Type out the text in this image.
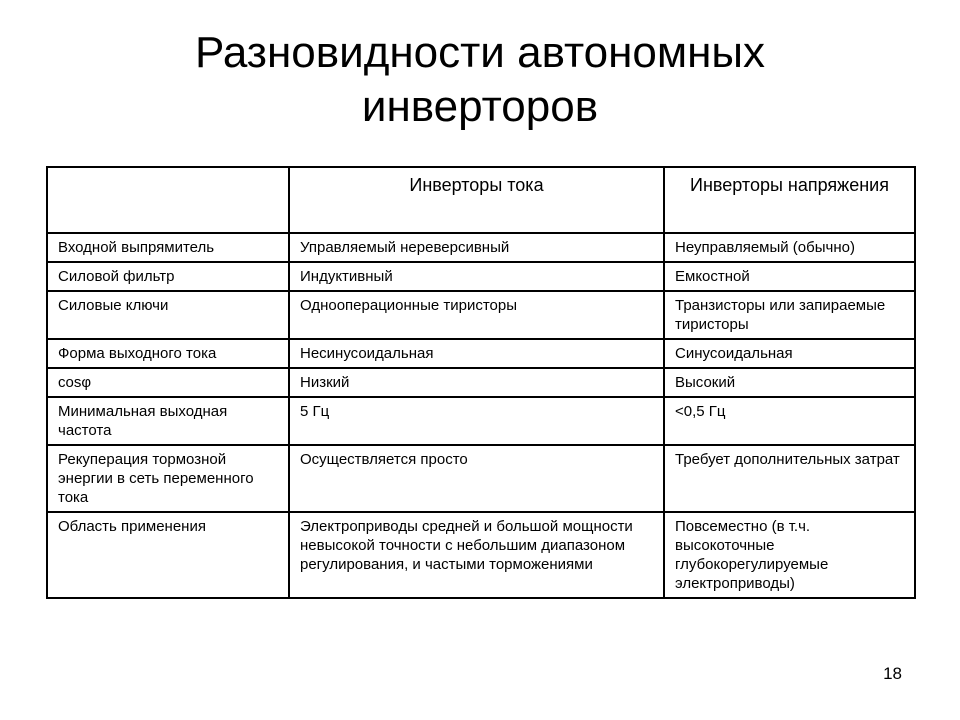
Разновидности автономных
инверторов
	Инверторы тока	Инверторы напряжения
Входной выпрямитель	Управляемый нереверсивный	Неуправляемый (обычно)
Силовой фильтр	Индуктивный	Емкостной
Силовые ключи	Однооперационные тиристоры	Транзисторы или запираемые тиристоры
Форма выходного тока	Несинусоидальная	Синусоидальная
cosφ	Низкий	Высокий
Минимальная выходная частота	5 Гц	<0,5 Гц
Рекуперация тормозной энергии в сеть переменного тока	Осуществляется просто	Требует дополнительных затрат
Область применения	Электроприводы средней и большой мощности невысокой точности с небольшим диапазоном регулирования, и частыми торможениями	Повсеместно (в т.ч. высокоточные глубокорегулируемые электроприводы)
18
